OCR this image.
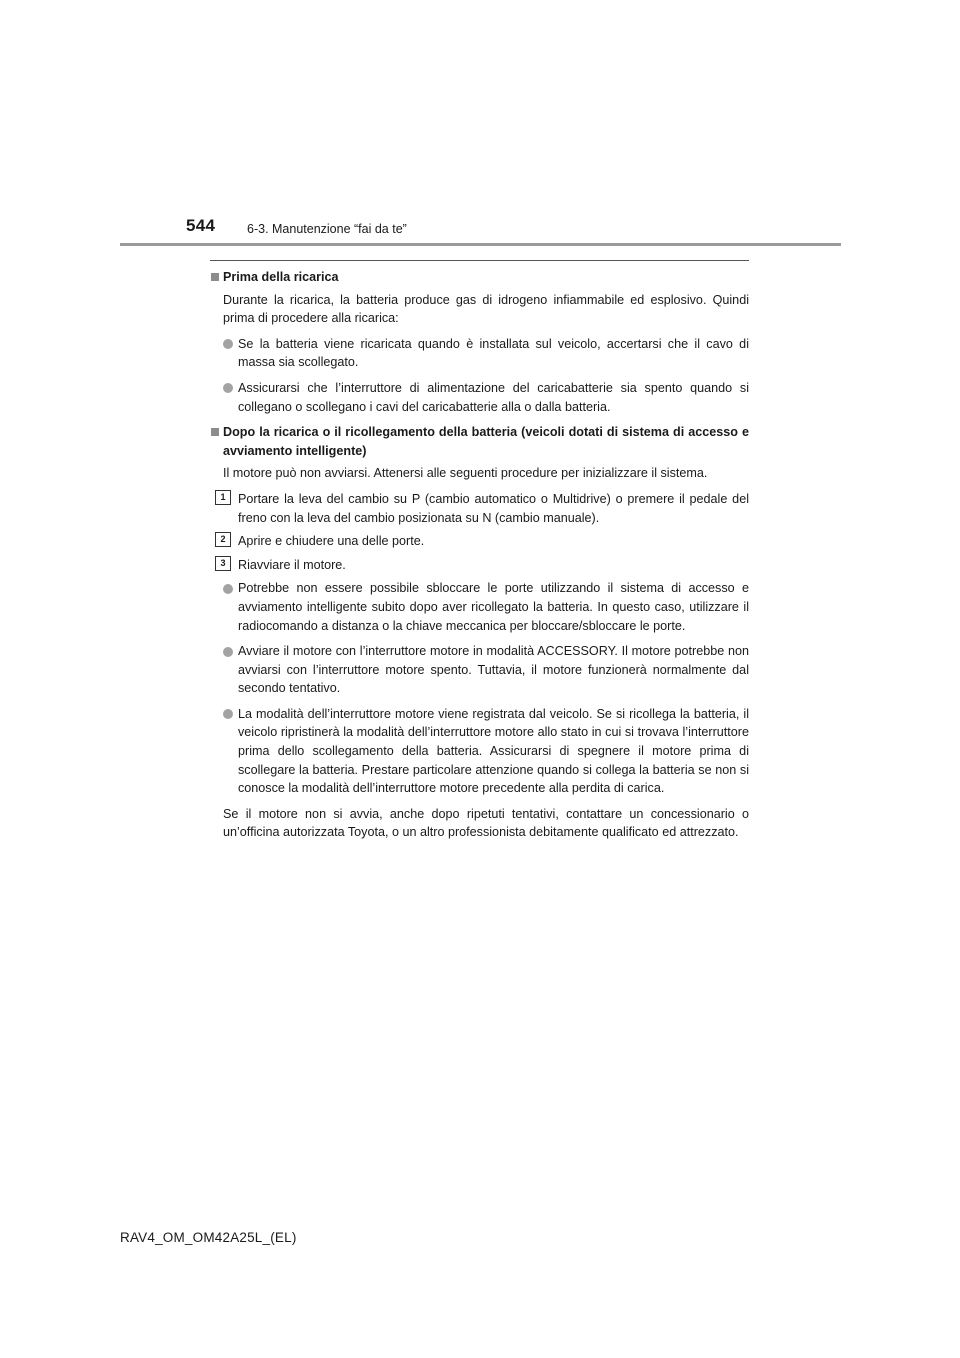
544	6-3. Manutenzione “fai da te”
Prima della ricarica
Durante la ricarica, la batteria produce gas di idrogeno infiammabile ed esplosivo. Quindi prima di procedere alla ricarica:
Se la batteria viene ricaricata quando è installata sul veicolo, accertarsi che il cavo di massa sia scollegato.
Assicurarsi che l’interruttore di alimentazione del caricabatterie sia spento quando si collegano o scollegano i cavi del caricabatterie alla o dalla batteria.
Dopo la ricarica o il ricollegamento della batteria (veicoli dotati di sistema di accesso e avviamento intelligente)
Il motore può non avviarsi. Attenersi alle seguenti procedure per inizializzare il sistema.
1 Portare la leva del cambio su P (cambio automatico o Multidrive) o premere il pedale del freno con la leva del cambio posizionata su N (cambio manuale).
2 Aprire e chiudere una delle porte.
3 Riavviare il motore.
Potrebbe non essere possibile sbloccare le porte utilizzando il sistema di accesso e avviamento intelligente subito dopo aver ricollegato la batteria. In questo caso, utilizzare il radiocomando a distanza o la chiave meccanica per bloccare/sbloccare le porte.
Avviare il motore con l’interruttore motore in modalità ACCESSORY. Il motore potrebbe non avviarsi con l’interruttore motore spento. Tuttavia, il motore funzionerà normalmente dal secondo tentativo.
La modalità dell’interruttore motore viene registrata dal veicolo. Se si ricollega la batteria, il veicolo ripristinerà la modalità dell’interruttore motore allo stato in cui si trovava l’interruttore prima dello scollegamento della batteria. Assicurarsi di spegnere il motore prima di scollegare la batteria. Prestare particolare attenzione quando si collega la batteria se non si conosce la modalità dell’interruttore motore precedente alla perdita di carica.
Se il motore non si avvia, anche dopo ripetuti tentativi, contattare un concessionario o un’officina autorizzata Toyota, o un altro professionista debitamente qualificato ed attrezzato.
RAV4_OM_OM42A25L_(EL)
